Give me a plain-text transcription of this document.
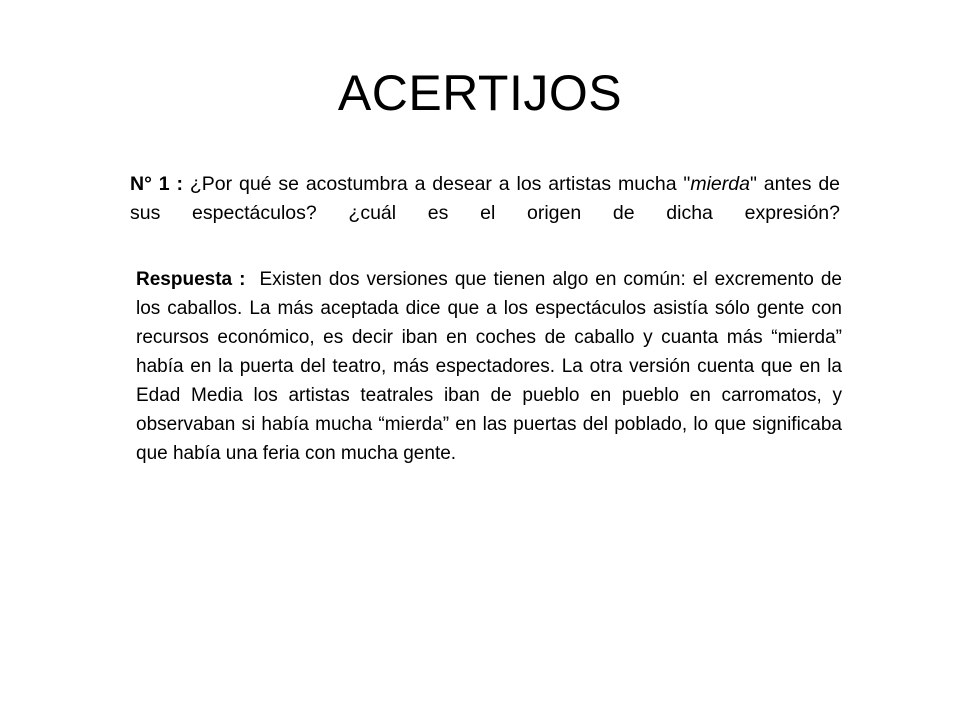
ACERTIJOS
N° 1 : ¿Por qué se acostumbra a desear a los artistas mucha "mierda" antes de sus espectáculos? ¿cuál es el origen de dicha expresión?
Respuesta : Existen dos versiones que tienen algo en común: el excremento de los caballos. La más aceptada dice que a los espectáculos asistía sólo gente con recursos económico, es decir iban en coches de caballo y cuanta más “mierda” había en la puerta del teatro, más espectadores. La otra versión cuenta que en la Edad Media los artistas teatrales iban de pueblo en pueblo en carromatos, y observaban si había mucha “mierda” en las puertas del poblado, lo que significaba que había una feria con mucha gente.
